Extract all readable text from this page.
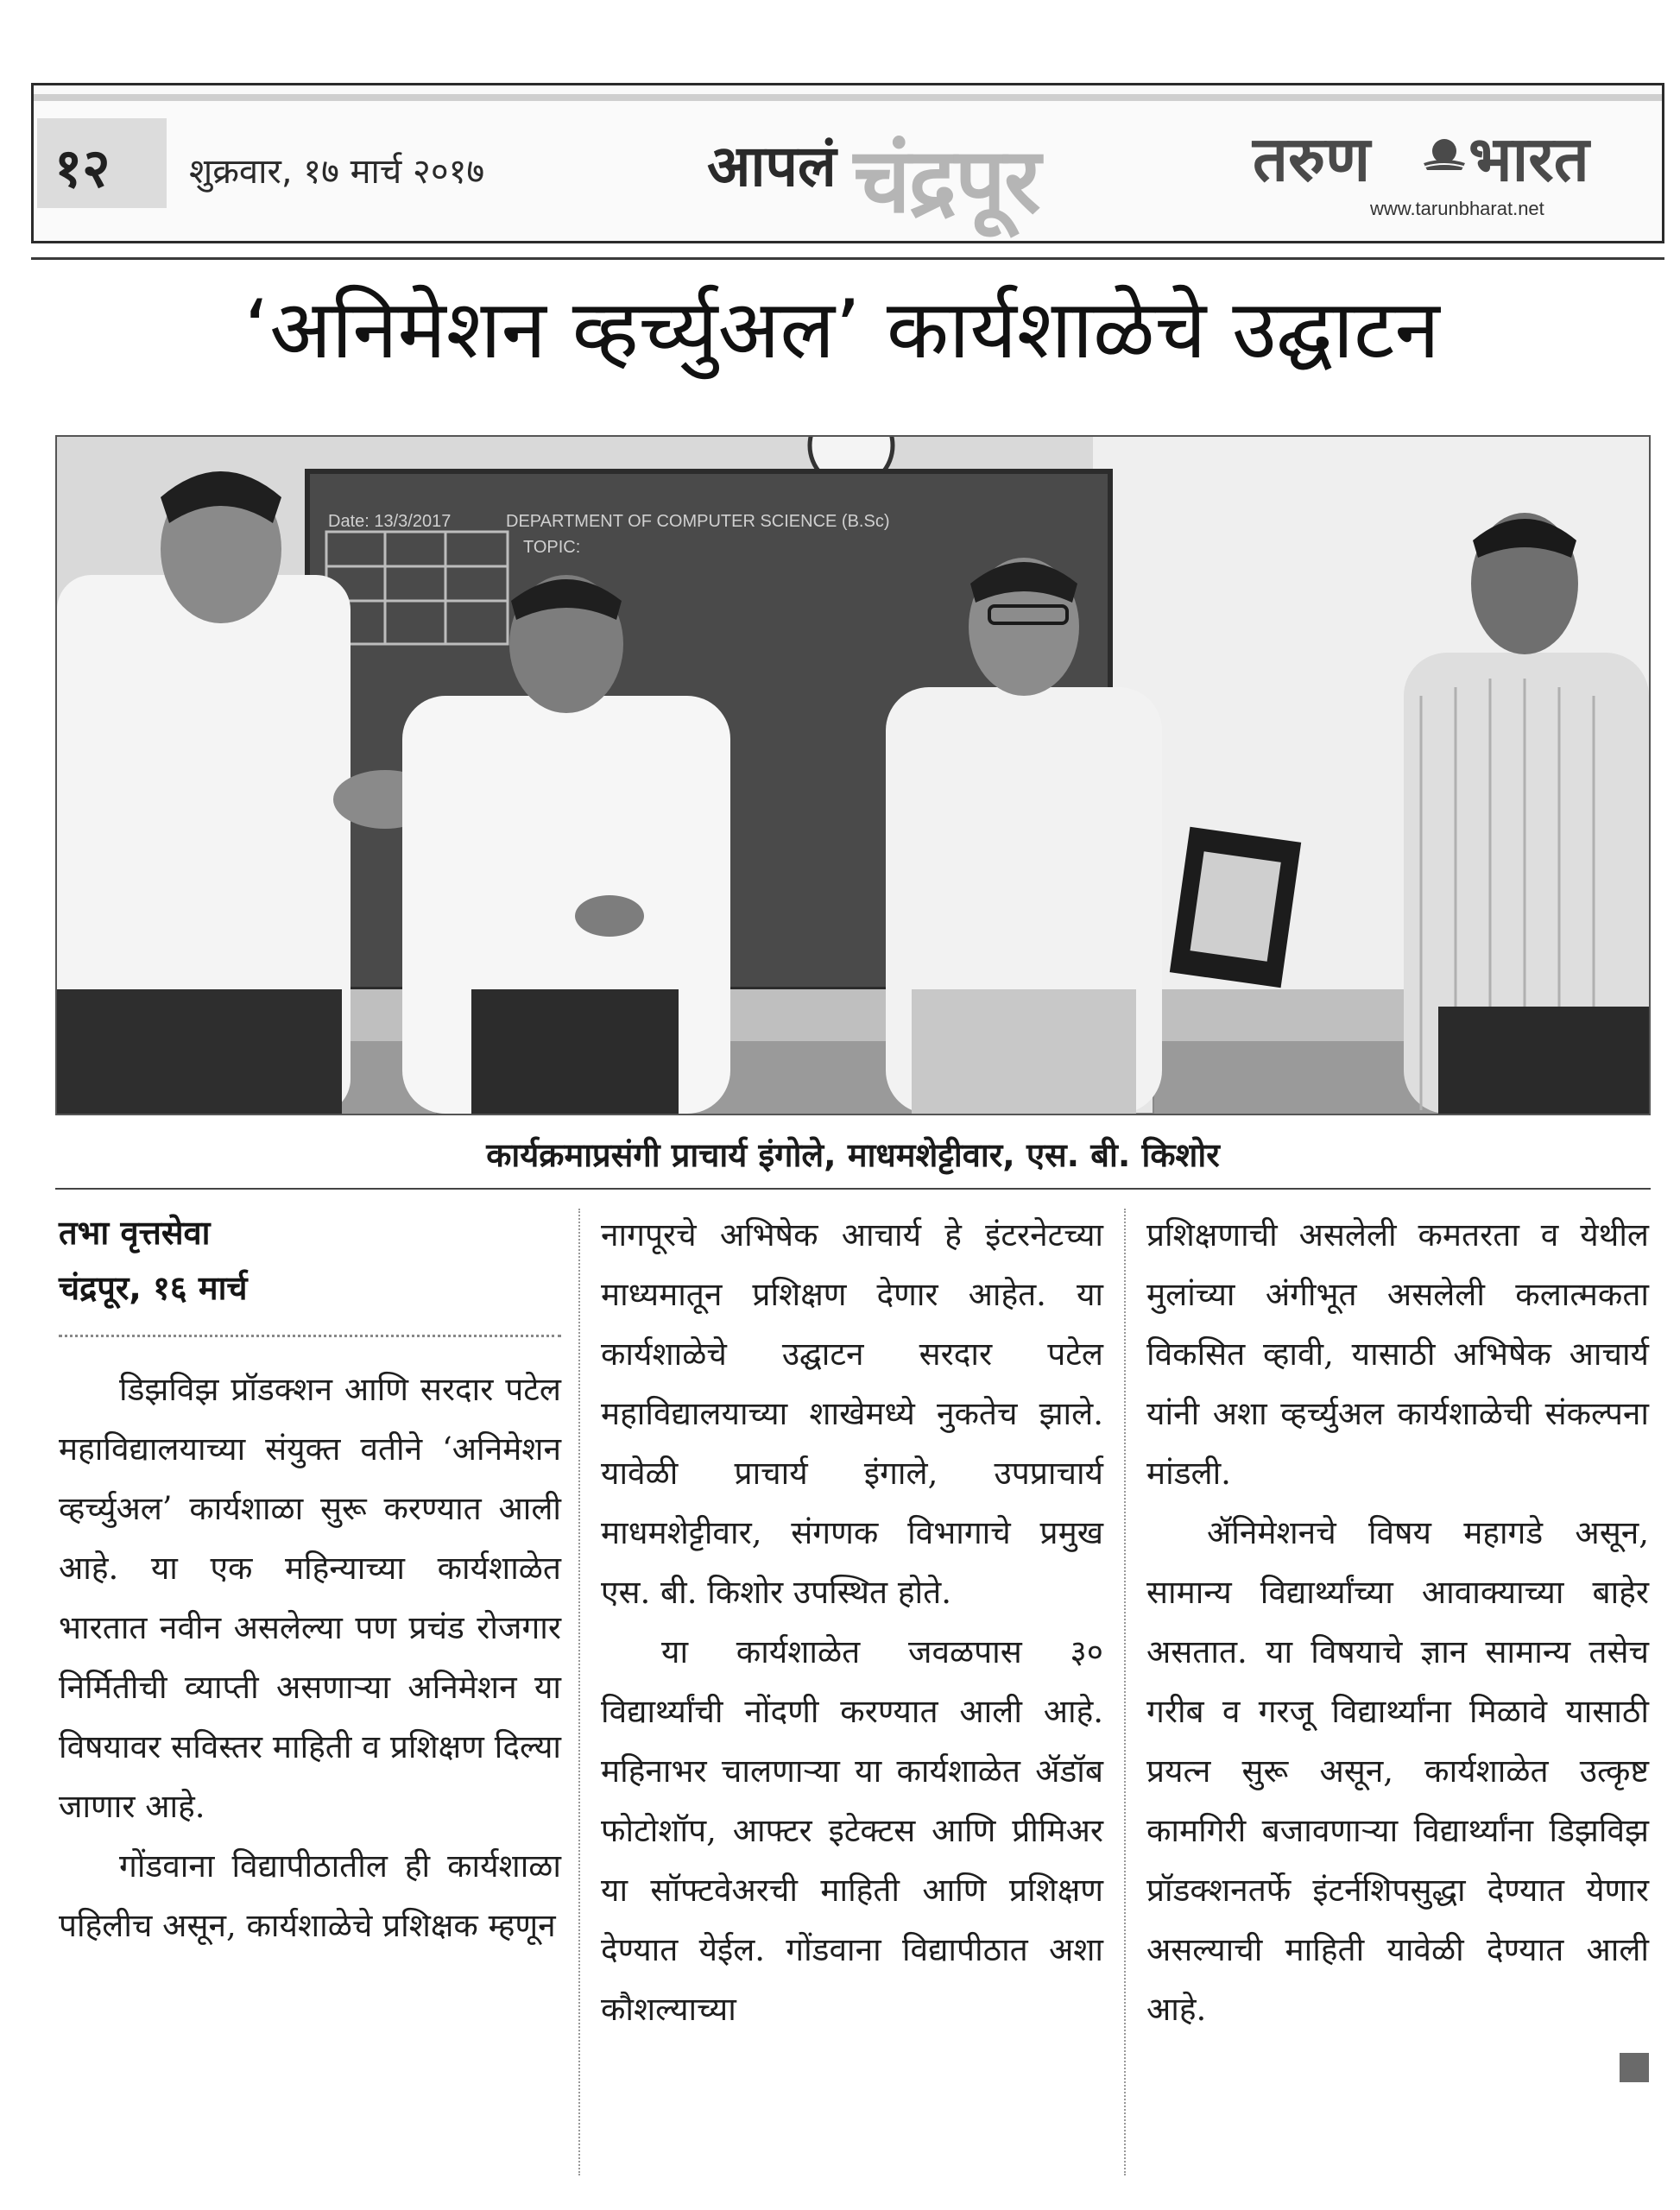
१२ शुक्रवार, १७ मार्च २०१७	आपलं चंद्रपूर	तरुण भारत
www.tarunbharat.net
‘अनिमेशन व्हर्च्युअल’ कार्यशाळेचे उद्घाटन
Date: 13/3/2017	DEPARTMENT OF COMPUTER SCIENCE (B.Sc)
TOPIC:
कार्यक्रमाप्रसंगी प्राचार्य इंगोले, माधमशेट्टीवार, एस. बी. किशोर
तभा वृत्तसेवा
चंद्रपूर, १६ मार्च

डिझविझ प्रॉडक्शन आणि सरदार पटेल महाविद्यालयाच्या संयुक्त वतीने ‘अनिमेशन व्हर्च्युअल’ कार्यशाळा सुरू करण्यात आली आहे. या एक महिन्याच्या कार्यशाळेत भारतात नवीन असलेल्या पण प्रचंड रोजगार निर्मितीची व्याप्ती असणाऱ्या अनिमेशन या विषयावर सविस्तर माहिती व प्रशिक्षण दिल्या जाणार आहे.

गोंडवाना विद्यापीठातील ही कार्यशाळा पहिलीच असून, कार्यशाळेचे प्रशिक्षक म्हणून

नागपूरचे अभिषेक आचार्य हे इंटरनेटच्या माध्यमातून प्रशिक्षण देणार आहेत. या कार्यशाळेचे उद्घाटन सरदार पटेल महाविद्यालयाच्या शाखेमध्ये नुकतेच झाले. यावेळी प्राचार्य इंगाले, उपप्राचार्य माधमशेट्टीवार, संगणक विभागाचे प्रमुख एस. बी. किशोर उपस्थित होते.

या कार्यशाळेत जवळपास ३० विद्यार्थ्यांची नोंदणी करण्यात आली आहे. महिनाभर चालणाऱ्या या कार्यशाळेत ॲडॉब फोटोशॉप, आफ्टर इटेक्टस आणि प्रीमिअर या सॉफ्टवेअरची माहिती आणि प्रशिक्षण देण्यात येईल. गोंडवाना विद्यापीठात अशा कौशल्याच्या

प्रशिक्षणाची असलेली कमतरता व येथील मुलांच्या अंगीभूत असलेली कलात्मकता विकसित व्हावी, यासाठी अभिषेक आचार्य यांनी अशा व्हर्च्युअल कार्यशाळेची संकल्पना मांडली.

ॲनिमेशनचे विषय महागडे असून, सामान्य विद्यार्थ्यांच्या आवाक्याच्या बाहेर असतात. या विषयाचे ज्ञान सामान्य तसेच गरीब व गरजू विद्यार्थ्यांना मिळावे यासाठी प्रयत्न सुरू असून, कार्यशाळेत उत्कृष्ट कामगिरी बजावणाऱ्या विद्यार्थ्यांना डिझविझ प्रॉडक्शनतर्फे इंटर्नशिपसुद्धा देण्यात येणार असल्याची माहिती यावेळी देण्यात आली आहे.
